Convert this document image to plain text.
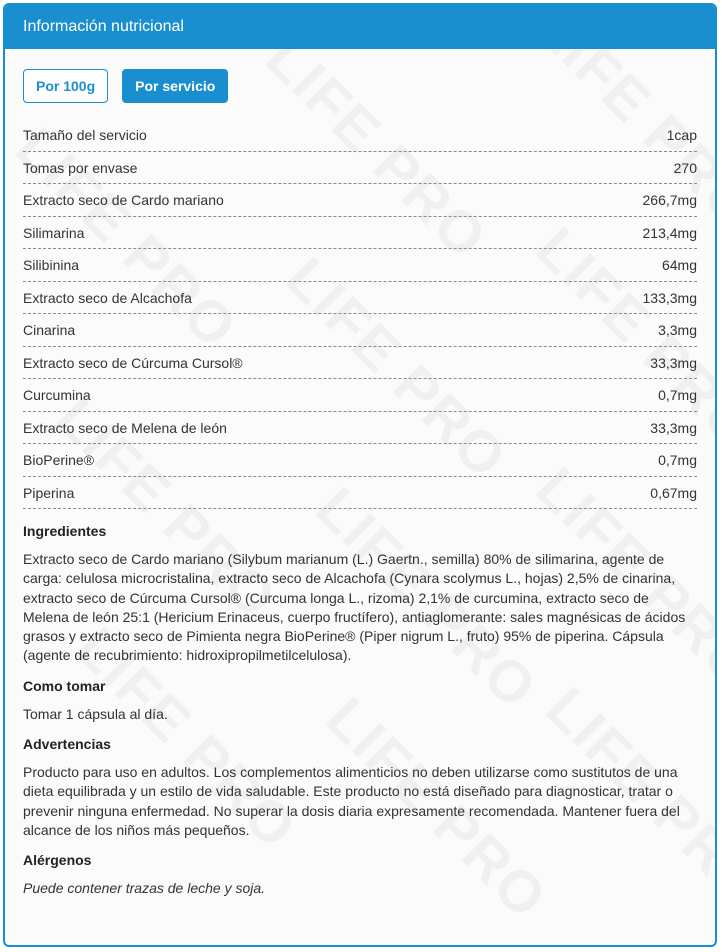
Información nutricional
Por 100g	Por servicio
Tamaño del servicio	1cap
Tomas por envase	270
Extracto seco de Cardo mariano	266,7mg
Silimarina	213,4mg
Silibinina	64mg
Extracto seco de Alcachofa	133,3mg
Cinarina	3,3mg
Extracto seco de Cúrcuma Cursol®	33,3mg
Curcumina	0,7mg
Extracto seco de Melena de león	33,3mg
BioPerine®	0,7mg
Piperina	0,67mg
Ingredientes
Extracto seco de Cardo mariano (Silybum marianum (L.) Gaertn., semilla) 80% de silimarina, agente de carga: celulosa microcristalina, extracto seco de Alcachofa (Cynara scolymus L., hojas) 2,5% de cinarina, extracto seco de Cúrcuma Cursol® (Curcuma longa L., rizoma) 2,1% de curcumina, extracto seco de Melena de león 25:1 (Hericium Erinaceus, cuerpo fructífero), antiaglomerante: sales magnésicas de ácidos grasos y extracto seco de Pimienta negra BioPerine® (Piper nigrum L., fruto) 95% de piperina. Cápsula (agente de recubrimiento: hidroxipropilmetilcelulosa).
Como tomar
Tomar 1 cápsula al día.
Advertencias
Producto para uso en adultos. Los complementos alimenticios no deben utilizarse como sustitutos de una dieta equilibrada y un estilo de vida saludable. Este producto no está diseñado para diagnosticar, tratar o prevenir ninguna enfermedad. No superar la dosis diaria expresamente recomendada. Mantener fuera del alcance de los niños más pequeños.
Alérgenos
Puede contener trazas de leche y soja.
